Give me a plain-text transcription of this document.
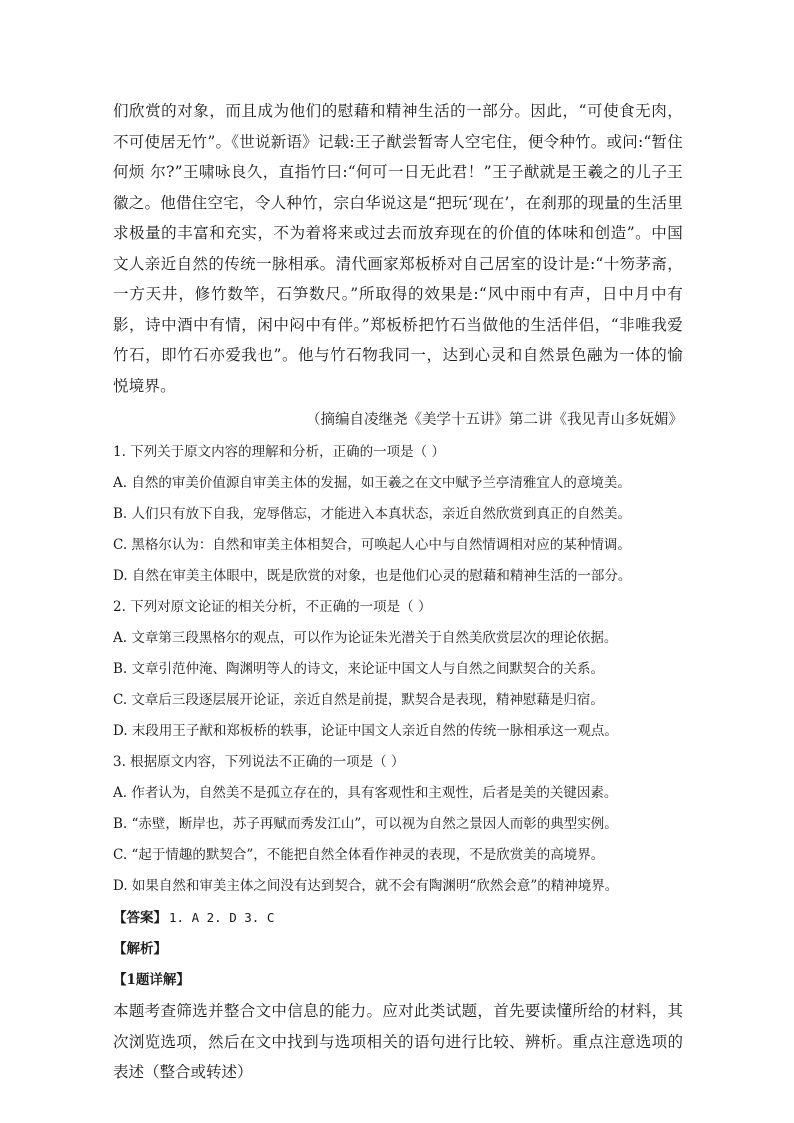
们欣赏的对象，而且成为他们的慰藉和精神生活的一部分。因此，“可使食无肉，不可使居无竹”。《世说新语》记载:王子猷尝暂寄人空宅住，便令种竹。或问:“暂住何烦 尔?”王啸咏良久，直指竹曰:“何可一日无此君！”王子猷就是王羲之的儿子王徽之。他借住空宅，令人种竹，宗白华说这是“把玩‘现在’，在刹那的现量的生活里求极量的丰富和充实，不为着将来或过去而放弃现在的价值的体味和创造”。中国文人亲近自然的传统一脉相承。清代画家郑板桥对自己居室的设计是:“十笏茅斋，一方天井，修竹数竿，石笋数尺。”所取得的效果是:“风中雨中有声，日中月中有影，诗中酒中有情，闲中闷中有伴。”郑板桥把竹石当做他的生活伴侣，“非唯我爱竹石，即竹石亦爱我也”。他与竹石物我同一，达到心灵和自然景色融为一体的愉悦境界。

（摘编自凌继尧《美学十五讲》第二讲《我见青山多妩媚》

1. 下列关于原文内容的理解和分析，正确的一项是（ ）

A. 自然的审美价值源自审美主体的发掘，如王羲之在文中赋予兰亭清雅宜人的意境美。

B. 人们只有放下自我，宠辱偕忘，才能进入本真状态，亲近自然欣赏到真正的自然美。

C. 黑格尔认为：自然和审美主体相契合，可唤起人心中与自然情调相对应的某种情调。

D. 自然在审美主体眼中，既是欣赏的对象，也是他们心灵的慰藉和精神生活的一部分。

2. 下列对原文论证的相关分析，不正确的一项是（ ）

A. 文章第三段黑格尔的观点，可以作为论证朱光潜关于自然美欣赏层次的理论依据。

B. 文章引范仲淹、陶渊明等人的诗文，来论证中国文人与自然之间默契合的关系。

C. 文章后三段逐层展开论证，亲近自然是前提，默契合是表现，精神慰藉是归宿。

D. 末段用王子猷和郑板桥的轶事，论证中国文人亲近自然的传统一脉相承这一观点。

3. 根据原文内容，下列说法不正确的一项是（ ）

A. 作者认为，自然美不是孤立存在的，具有客观性和主观性，后者是美的关键因素。

B. “赤壁，断岸也，苏子再赋而秀发江山”，可以视为自然之景因人而彰的典型实例。

C. “起于情趣的默契合”，不能把自然全体看作神灵的表现，不是欣赏美的高境界。

D. 如果自然和审美主体之间没有达到契合，就不会有陶渊明“欣然会意”的精神境界。

【答案】 1. A 2. D 3. C

【解析】

【1题详解】

本题考查筛选并整合文中信息的能力。应对此类试题，首先要读懂所给的材料，其次浏览选项，然后在文中找到与选项相关的语句进行比较、辨析。重点注意选项的表述（整合或转述）
